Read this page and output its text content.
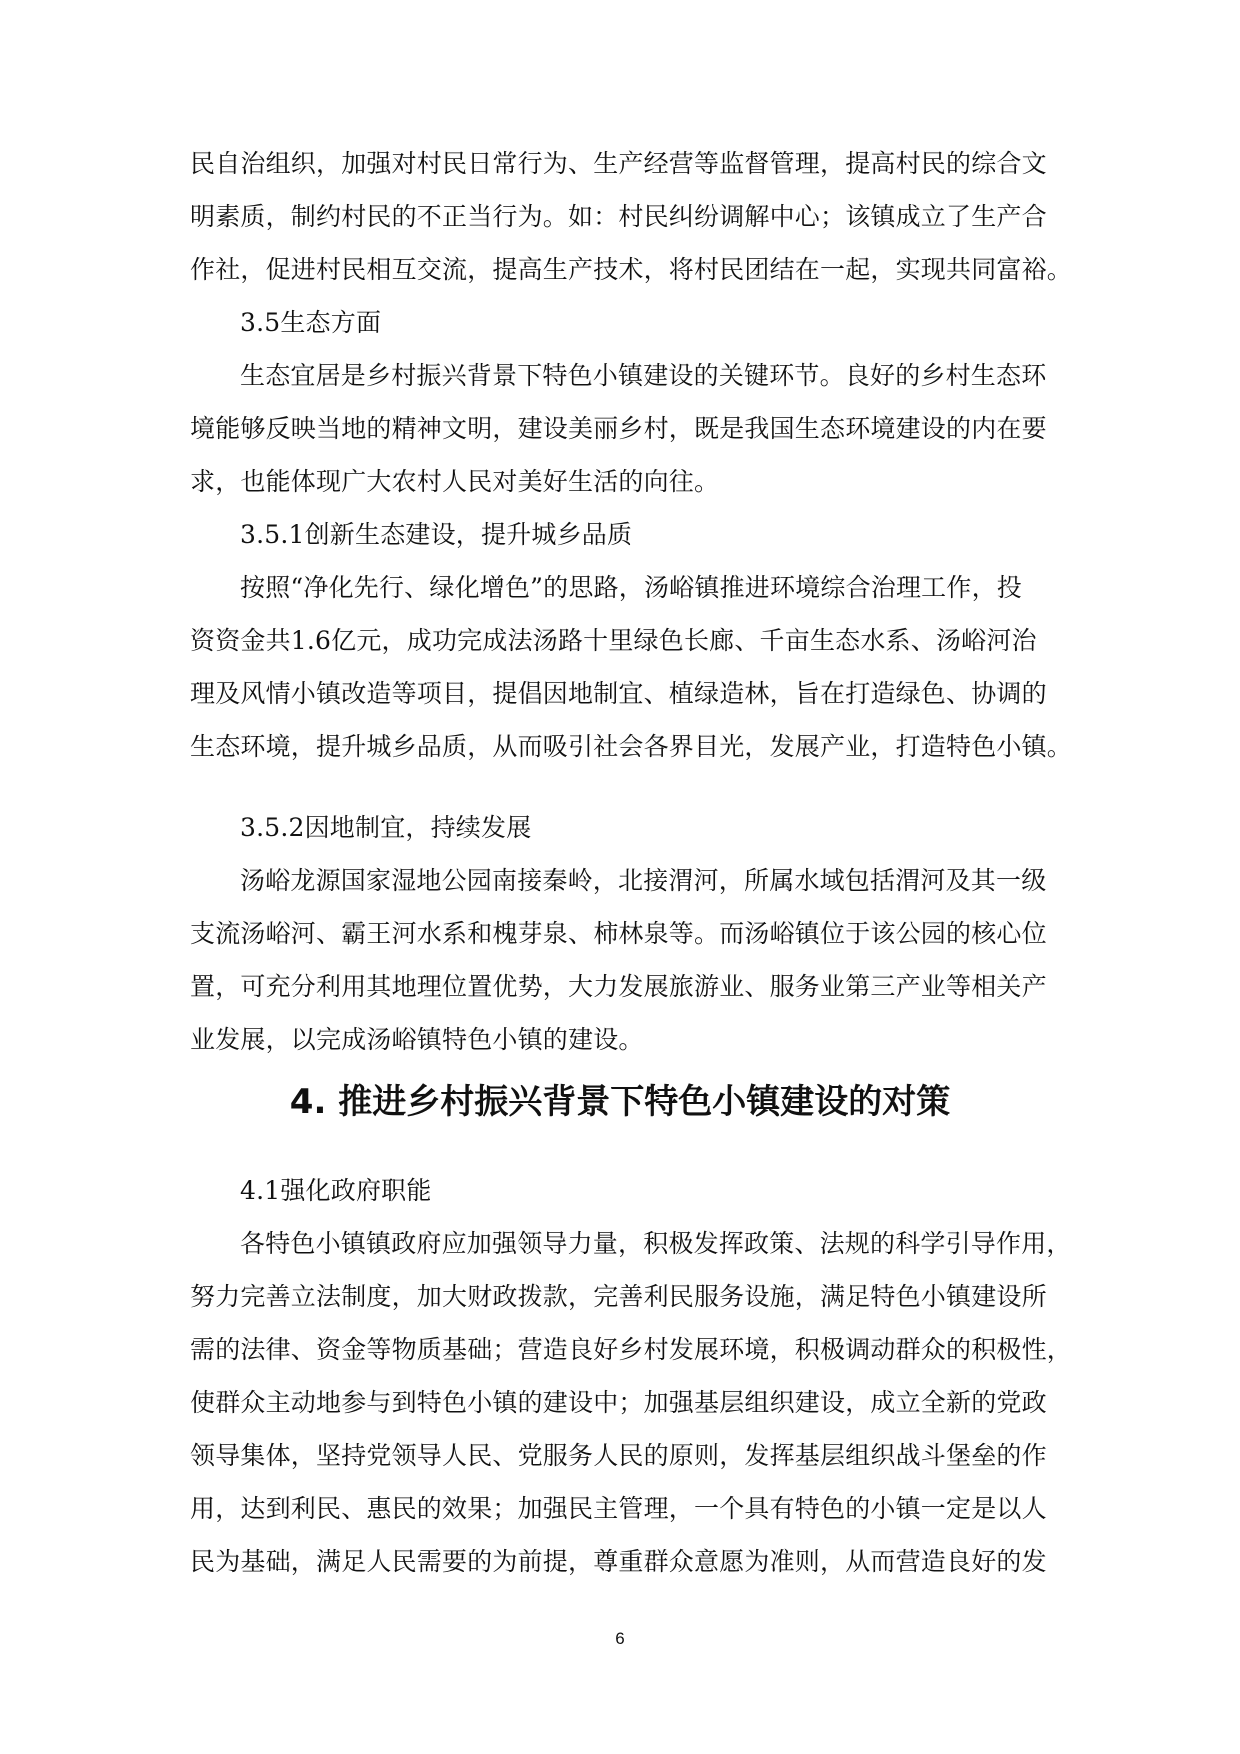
民自治组织，加强对村民日常行为、生产经营等监督管理，提高村民的综合文
明素质，制约村民的不正当行为。如：村民纠纷调解中心；该镇成立了生产合
作社，促进村民相互交流，提高生产技术，将村民团结在一起，实现共同富裕。
3.5生态方面
生态宜居是乡村振兴背景下特色小镇建设的关键环节。良好的乡村生态环
境能够反映当地的精神文明，建设美丽乡村，既是我国生态环境建设的内在要
求，也能体现广大农村人民对美好生活的向往。
3.5.1创新生态建设，提升城乡品质
按照“净化先行、绿化增色”的思路，汤峪镇推进环境综合治理工作，投
资资金共1.6亿元，成功完成法汤路十里绿色长廊、千亩生态水系、汤峪河治
理及风情小镇改造等项目，提倡因地制宜、植绿造林，旨在打造绿色、协调的
生态环境，提升城乡品质，从而吸引社会各界目光，发展产业，打造特色小镇。
3.5.2因地制宜，持续发展
汤峪龙源国家湿地公园南接秦岭，北接渭河，所属水域包括渭河及其一级
支流汤峪河、霸王河水系和槐芽泉、柿林泉等。而汤峪镇位于该公园的核心位
置，可充分利用其地理位置优势，大力发展旅游业、服务业第三产业等相关产
业发展，以完成汤峪镇特色小镇的建设。
4. 推进乡村振兴背景下特色小镇建设的对策
4.1强化政府职能
各特色小镇镇政府应加强领导力量，积极发挥政策、法规的科学引导作用，
努力完善立法制度，加大财政拨款，完善利民服务设施，满足特色小镇建设所
需的法律、资金等物质基础；营造良好乡村发展环境，积极调动群众的积极性，
使群众主动地参与到特色小镇的建设中；加强基层组织建设，成立全新的党政
领导集体，坚持党领导人民、党服务人民的原则，发挥基层组织战斗堡垒的作
用，达到利民、惠民的效果；加强民主管理，一个具有特色的小镇一定是以人
民为基础，满足人民需要的为前提，尊重群众意愿为准则，从而营造良好的发
6
